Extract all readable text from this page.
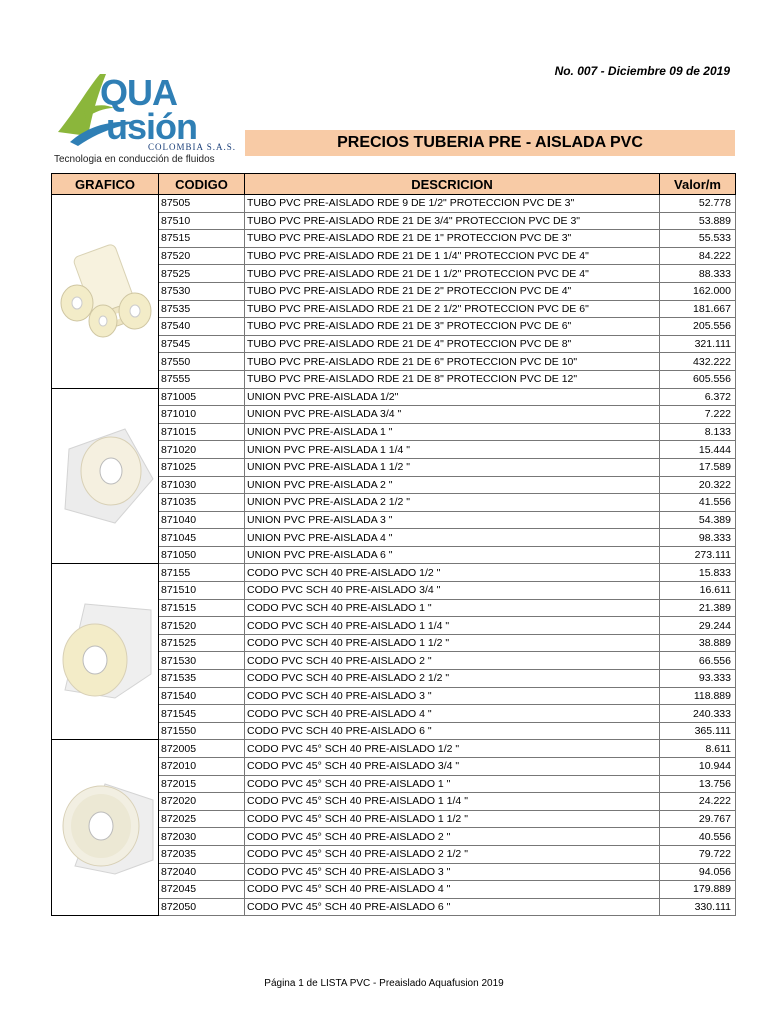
No. 007 - Diciembre 09 de 2019
QUA
usión
COLOMBIA S.A.S.
Tecnologia en conducción de fluidos
PRECIOS TUBERIA PRE - AISLADA PVC
GRAFICO	CODIGO	DESCRICION	Valor/m
	87505	TUBO PVC PRE-AISLADO RDE 9 DE 1/2" PROTECCION PVC DE 3"	52.778
	87510	TUBO PVC PRE-AISLADO RDE 21 DE 3/4" PROTECCION PVC DE 3"	53.889
	87515	TUBO PVC PRE-AISLADO RDE 21 DE 1" PROTECCION PVC DE 3"	55.533
	87520	TUBO PVC PRE-AISLADO RDE 21 DE 1 1/4" PROTECCION PVC DE 4"	84.222
	87525	TUBO PVC PRE-AISLADO RDE 21 DE 1 1/2" PROTECCION PVC DE 4"	88.333
	87530	TUBO PVC PRE-AISLADO RDE 21 DE 2" PROTECCION PVC DE 4"	162.000
	87535	TUBO PVC PRE-AISLADO RDE 21 DE 2 1/2" PROTECCION PVC DE 6"	181.667
	87540	TUBO PVC PRE-AISLADO RDE 21 DE 3" PROTECCION PVC DE 6"	205.556
	87545	TUBO PVC PRE-AISLADO RDE 21 DE 4" PROTECCION PVC DE 8"	321.111
	87550	TUBO PVC PRE-AISLADO RDE 21 DE 6" PROTECCION PVC DE 10"	432.222
	87555	TUBO PVC PRE-AISLADO RDE 21 DE 8" PROTECCION PVC DE 12"	605.556
	871005	UNION PVC PRE-AISLADA 1/2"	6.372
	871010	UNION PVC PRE-AISLADA 3/4 "	7.222
	871015	UNION PVC PRE-AISLADA 1 "	8.133
	871020	UNION PVC PRE-AISLADA 1 1/4 "	15.444
	871025	UNION PVC PRE-AISLADA 1 1/2 "	17.589
	871030	UNION PVC PRE-AISLADA 2 "	20.322
	871035	UNION PVC PRE-AISLADA 2 1/2 "	41.556
	871040	UNION PVC PRE-AISLADA 3 "	54.389
	871045	UNION PVC PRE-AISLADA 4 "	98.333
	871050	UNION PVC PRE-AISLADA 6 "	273.111
	87155	CODO PVC SCH 40 PRE-AISLADO 1/2 "	15.833
	871510	CODO PVC SCH 40 PRE-AISLADO 3/4 "	16.611
	871515	CODO PVC SCH 40 PRE-AISLADO 1 "	21.389
	871520	CODO PVC SCH 40 PRE-AISLADO 1 1/4 "	29.244
	871525	CODO PVC SCH 40 PRE-AISLADO 1 1/2 "	38.889
	871530	CODO PVC SCH 40 PRE-AISLADO 2 "	66.556
	871535	CODO PVC SCH 40 PRE-AISLADO 2 1/2 "	93.333
	871540	CODO PVC SCH 40 PRE-AISLADO 3 "	118.889
	871545	CODO PVC SCH 40 PRE-AISLADO 4 "	240.333
	871550	CODO PVC SCH 40 PRE-AISLADO 6 "	365.111
	872005	CODO PVC 45° SCH 40 PRE-AISLADO 1/2 "	8.611
	872010	CODO PVC 45° SCH 40 PRE-AISLADO 3/4 "	10.944
	872015	CODO PVC 45° SCH 40 PRE-AISLADO 1 "	13.756
	872020	CODO PVC 45° SCH 40 PRE-AISLADO 1 1/4 "	24.222
	872025	CODO PVC 45° SCH 40 PRE-AISLADO 1 1/2 "	29.767
	872030	CODO PVC 45° SCH 40 PRE-AISLADO 2 "	40.556
	872035	CODO PVC 45° SCH 40 PRE-AISLADO 2 1/2 "	79.722
	872040	CODO PVC 45° SCH 40 PRE-AISLADO 3 "	94.056
	872045	CODO PVC 45° SCH 40 PRE-AISLADO 4 "	179.889
	872050	CODO PVC 45° SCH 40 PRE-AISLADO 6 "	330.111
Página 1 de LISTA PVC - Preaislado Aquafusion 2019
